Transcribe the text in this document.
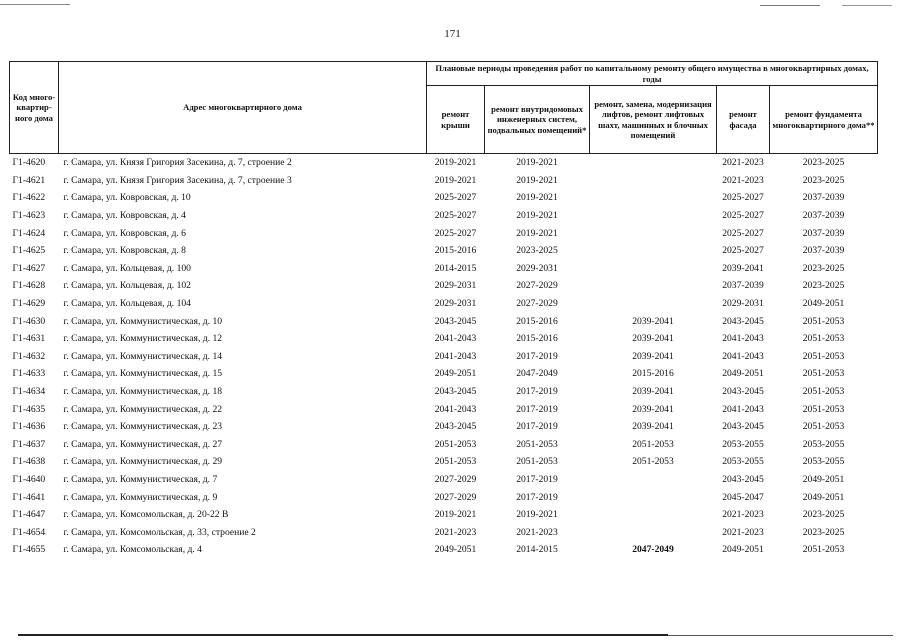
171
Код много-квартир-ного дома	Адрес многоквартирного дома	Плановые периоды проведения работ по капитальному ремонту общего имущества в многоквартирных домах, годы				
		ремонт крыши	ремонт внутридомовых инженерных систем, подвальных помещений*	ремонт, замена, модернизация лифтов, ремонт лифтовых шахт, машинных и блочных помещений	ремонт фасада	ремонт фундамента многоквартирного дома**
Г1-4620	г. Самара, ул. Князя Григория Засекина, д. 7, строение 2	2019-2021	2019-2021		2021-2023	2023-2025
Г1-4621	г. Самара, ул. Князя Григория Засекина, д. 7, строение 3	2019-2021	2019-2021		2021-2023	2023-2025
Г1-4622	г. Самара, ул. Ковровская, д. 10	2025-2027	2019-2021		2025-2027	2037-2039
Г1-4623	г. Самара, ул. Ковровская, д. 4	2025-2027	2019-2021		2025-2027	2037-2039
Г1-4624	г. Самара, ул. Ковровская, д. 6	2025-2027	2019-2021		2025-2027	2037-2039
Г1-4625	г. Самара, ул. Ковровская, д. 8	2015-2016	2023-2025		2025-2027	2037-2039
Г1-4627	г. Самара, ул. Кольцевая, д. 100	2014-2015	2029-2031		2039-2041	2023-2025
Г1-4628	г. Самара, ул. Кольцевая, д. 102	2029-2031	2027-2029		2037-2039	2023-2025
Г1-4629	г. Самара, ул. Кольцевая, д. 104	2029-2031	2027-2029		2029-2031	2049-2051
Г1-4630	г. Самара, ул. Коммунистическая, д. 10	2043-2045	2015-2016	2039-2041	2043-2045	2051-2053
Г1-4631	г. Самара, ул. Коммунистическая, д. 12	2041-2043	2015-2016	2039-2041	2041-2043	2051-2053
Г1-4632	г. Самара, ул. Коммунистическая, д. 14	2041-2043	2017-2019	2039-2041	2041-2043	2051-2053
Г1-4633	г. Самара, ул. Коммунистическая, д. 15	2049-2051	2047-2049	2015-2016	2049-2051	2051-2053
Г1-4634	г. Самара, ул. Коммунистическая, д. 18	2043-2045	2017-2019	2039-2041	2043-2045	2051-2053
Г1-4635	г. Самара, ул. Коммунистическая, д. 22	2041-2043	2017-2019	2039-2041	2041-2043	2051-2053
Г1-4636	г. Самара, ул. Коммунистическая, д. 23	2043-2045	2017-2019	2039-2041	2043-2045	2051-2053
Г1-4637	г. Самара, ул. Коммунистическая, д. 27	2051-2053	2051-2053	2051-2053	2053-2055	2053-2055
Г1-4638	г. Самара, ул. Коммунистическая, д. 29	2051-2053	2051-2053	2051-2053	2053-2055	2053-2055
Г1-4640	г. Самара, ул. Коммунистическая, д. 7	2027-2029	2017-2019		2043-2045	2049-2051
Г1-4641	г. Самара, ул. Коммунистическая, д. 9	2027-2029	2017-2019		2045-2047	2049-2051
Г1-4647	г. Самара, ул. Комсомольская, д. 20-22 В	2019-2021	2019-2021		2021-2023	2023-2025
Г1-4654	г. Самара, ул. Комсомольская, д. 33, строение 2	2021-2023	2021-2023		2021-2023	2023-2025
Г1-4655	г. Самара, ул. Комсомольская, д. 4	2049-2051	2014-2015	2047-2049	2049-2051	2051-2053
